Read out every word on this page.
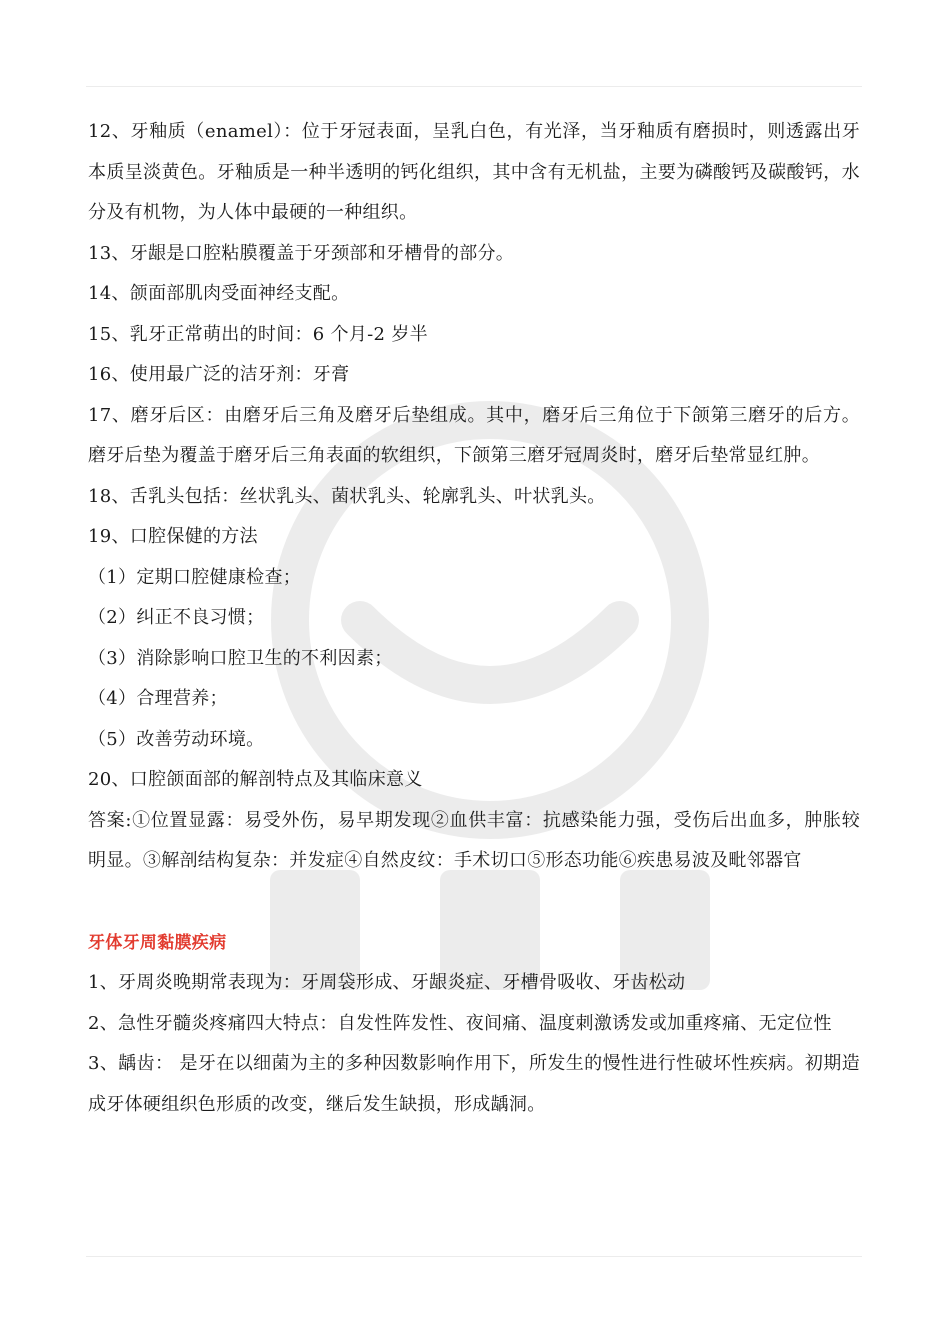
12、牙釉质（enamel）：位于牙冠表面，呈乳白色，有光泽，当牙釉质有磨损时，则透露出牙本质呈淡黄色。牙釉质是一种半透明的钙化组织，其中含有无机盐，主要为磷酸钙及碳酸钙，水分及有机物，为人体中最硬的一种组织。

13、牙龈是口腔粘膜覆盖于牙颈部和牙槽骨的部分。

14、颌面部肌肉受面神经支配。

15、乳牙正常萌出的时间：6 个月-2 岁半

16、使用最广泛的洁牙剂：牙膏

17、磨牙后区：由磨牙后三角及磨牙后垫组成。其中，磨牙后三角位于下颌第三磨牙的后方。磨牙后垫为覆盖于磨牙后三角表面的软组织，下颌第三磨牙冠周炎时，磨牙后垫常显红肿。

18、舌乳头包括：丝状乳头、菌状乳头、轮廓乳头、叶状乳头。

19、口腔保健的方法

（1）定期口腔健康检查；

（2）纠正不良习惯；

（3）消除影响口腔卫生的不利因素；

（4）合理营养；

（5）改善劳动环境。

20、口腔颌面部的解剖特点及其临床意义

答案:①位置显露：易受外伤，易早期发现②血供丰富：抗感染能力强，受伤后出血多，肿胀较明显。③解剖结构复杂：并发症④自然皮纹：手术切口⑤形态功能⑥疾患易波及毗邻器官

牙体牙周黏膜疾病

1、牙周炎晚期常表现为：牙周袋形成、牙龈炎症、牙槽骨吸收、牙齿松动

2、急性牙髓炎疼痛四大特点：自发性阵发性、夜间痛、温度刺激诱发或加重疼痛、无定位性

3、龋齿： 是牙在以细菌为主的多种因数影响作用下，所发生的慢性进行性破坏性疾病。初期造成牙体硬组织色形质的改变，继后发生缺损，形成龋洞。
